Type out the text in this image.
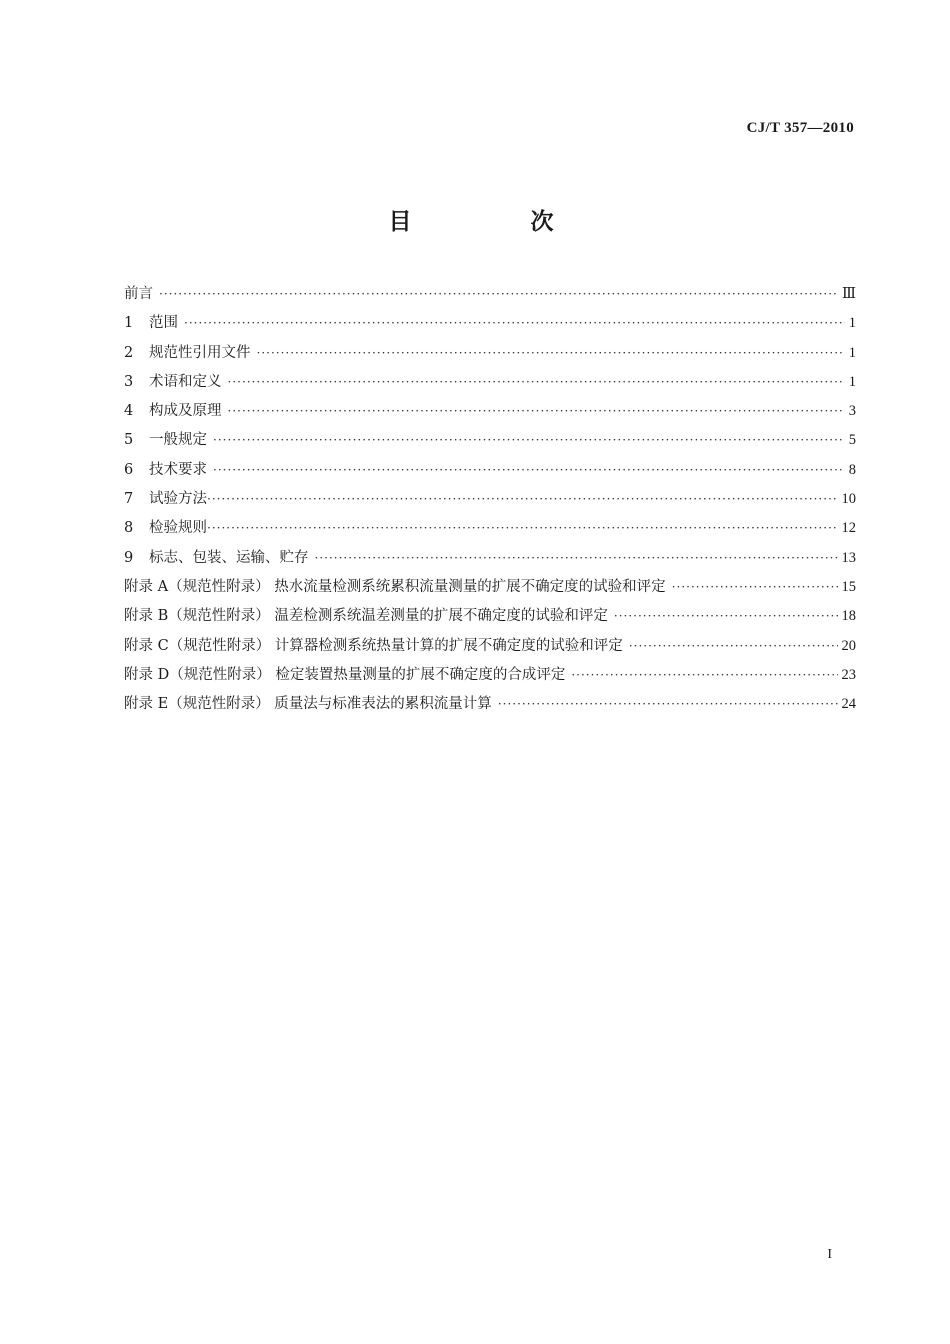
CJ/T 357—2010
目　次
前言 ·····	Ⅲ
1	范围 ·····	1
2	规范性引用文件 ·····	1
3	术语和定义 ·····	1
4	构成及原理 ·····	3
5	一般规定 ·····	5
6	技术要求 ·····	8
7	试验方法 ·····	10
8	检验规则 ·····	12
9	标志、包装、运输、贮存 ·····	13
附录 A（规范性附录） 热水流量检测系统累积流量测量的扩展不确定度的试验和评定 ·····	15
附录 B（规范性附录） 温差检测系统温差测量的扩展不确定度的试验和评定 ·····	18
附录 C（规范性附录） 计算器检测系统热量计算的扩展不确定度的试验和评定 ·····	20
附录 D（规范性附录） 检定装置热量测量的扩展不确定度的合成评定 ·····	23
附录 E（规范性附录） 质量法与标准表法的累积流量计算 ·····	24
I
